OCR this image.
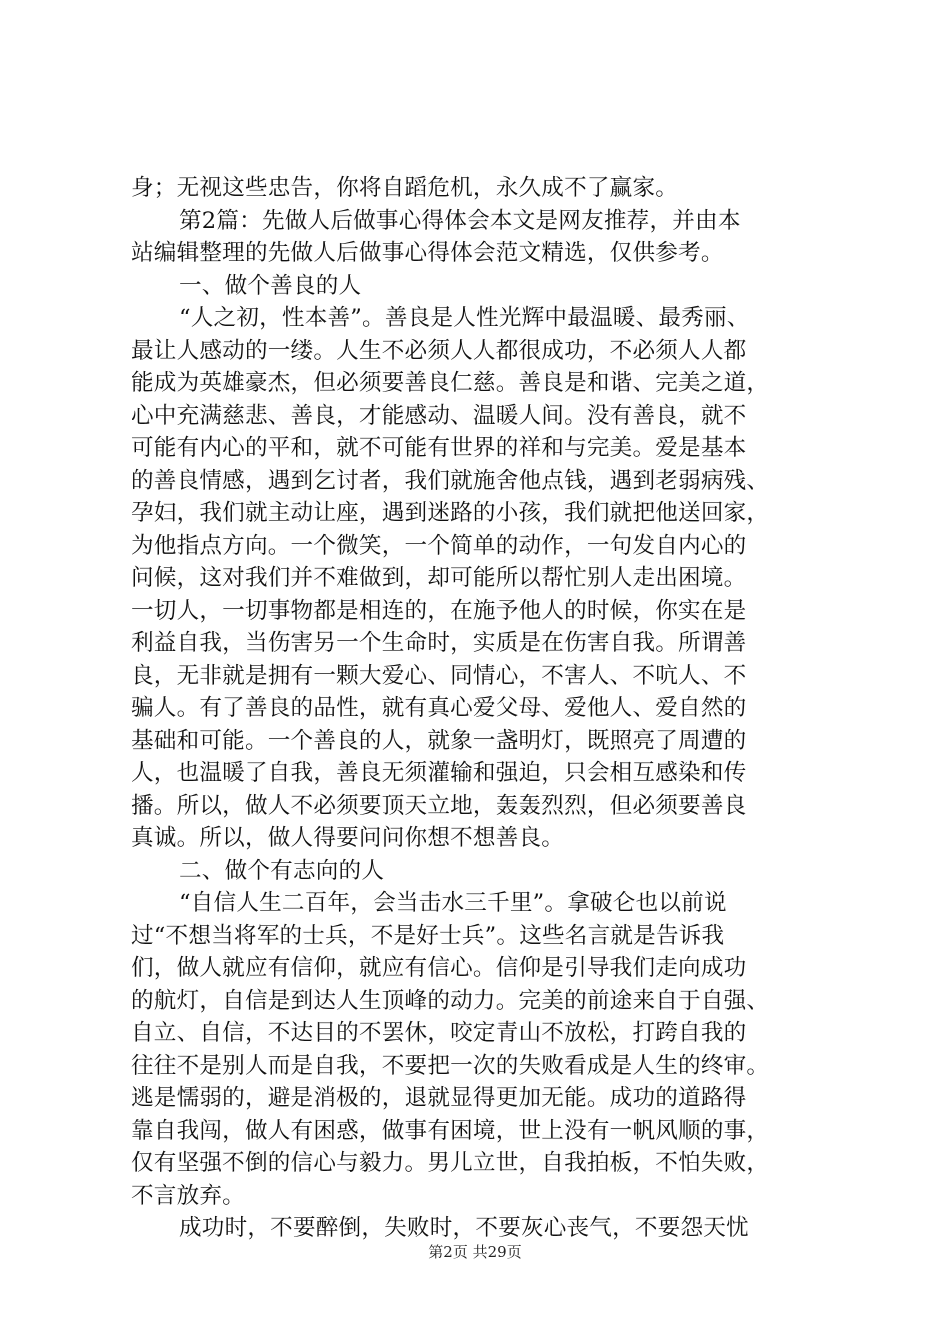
身；无视这些忠告，你将自蹈危机，永久成不了赢家。
第2篇：先做人后做事心得体会本文是网友推荐，并由本
站编辑整理的先做人后做事心得体会范文精选，仅供参考。
一、做个善良的人
“人之初，性本善”。善良是人性光辉中最温暖、最秀丽、
最让人感动的一缕。人生不必须人人都很成功，不必须人人都
能成为英雄豪杰，但必须要善良仁慈。善良是和谐、完美之道，
心中充满慈悲、善良，才能感动、温暖人间。没有善良，就不
可能有内心的平和，就不可能有世界的祥和与完美。爱是基本
的善良情感，遇到乞讨者，我们就施舍他点钱，遇到老弱病残、
孕妇，我们就主动让座，遇到迷路的小孩，我们就把他送回家，
为他指点方向。一个微笑，一个简单的动作，一句发自内心的
问候，这对我们并不难做到，却可能所以帮忙别人走出困境。
一切人，一切事物都是相连的，在施予他人的时候，你实在是
利益自我，当伤害另一个生命时，实质是在伤害自我。所谓善
良，无非就是拥有一颗大爱心、同情心，不害人、不吭人、不
骗人。有了善良的品性，就有真心爱父母、爱他人、爱自然的
基础和可能。一个善良的人，就象一盏明灯，既照亮了周遭的
人，也温暖了自我，善良无须灌输和强迫，只会相互感染和传
播。所以，做人不必须要顶天立地，轰轰烈烈，但必须要善良
真诚。所以，做人得要问问你想不想善良。
二、做个有志向的人
“自信人生二百年，会当击水三千里”。拿破仑也以前说
过“不想当将军的士兵，不是好士兵”。这些名言就是告诉我
们，做人就应有信仰，就应有信心。信仰是引导我们走向成功
的航灯，自信是到达人生顶峰的动力。完美的前途来自于自强、
自立、自信，不达目的不罢休，咬定青山不放松，打跨自我的
往往不是别人而是自我，不要把一次的失败看成是人生的终审。
逃是懦弱的，避是消极的，退就显得更加无能。成功的道路得
靠自我闯，做人有困惑，做事有困境，世上没有一帆风顺的事，
仅有坚强不倒的信心与毅力。男儿立世，自我拍板，不怕失败，
不言放弃。
成功时，不要醉倒，失败时，不要灰心丧气，不要怨天忧
第2页 共29页
